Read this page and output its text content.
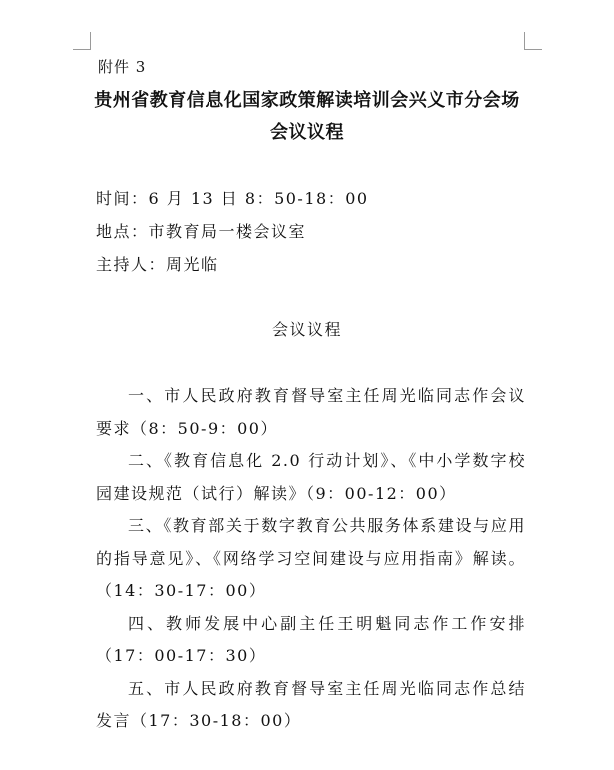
附件 3
贵州省教育信息化国家政策解读培训会兴义市分会场
会议议程
时间：6 月 13 日 8：50-18：00
地点：市教育局一楼会议室
主持人：周光临
会议议程
一、市人民政府教育督导室主任周光临同志作会议要求（8：50-9：00）
二、《教育信息化 2.0 行动计划》、《中小学数字校园建设规范（试行）解读》（9：00-12：00）
三、《教育部关于数字教育公共服务体系建设与应用的指导意见》、《网络学习空间建设与应用指南》解读。（14：30-17：00）
四、教师发展中心副主任王明魁同志作工作安排（17：00-17：30）
五、市人民政府教育督导室主任周光临同志作总结发言（17：30-18：00）
